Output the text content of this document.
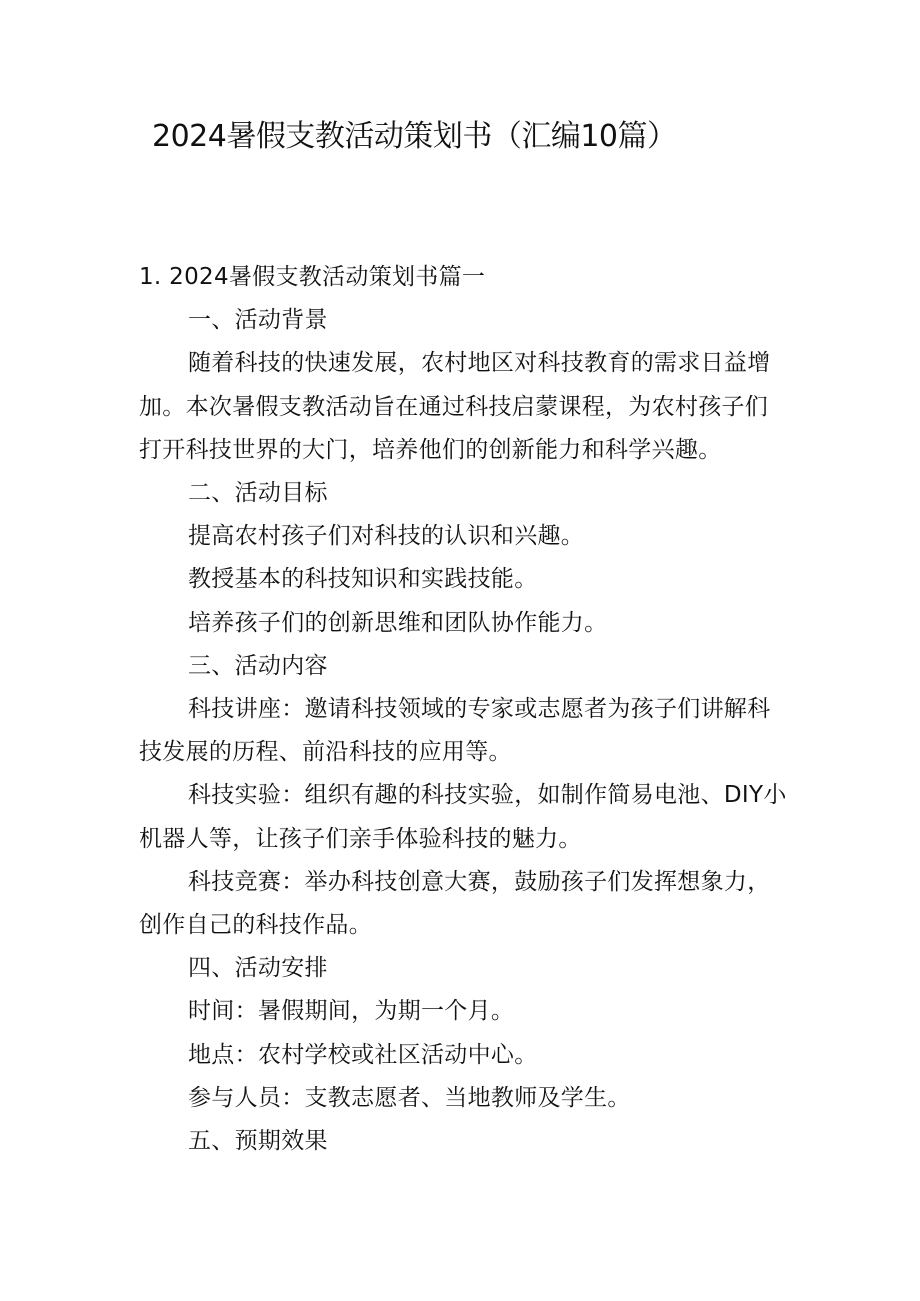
2024暑假支教活动策划书（汇编10篇）

1. 2024暑假支教活动策划书篇一

一、活动背景

随着科技的快速发展，农村地区对科技教育的需求日益增加。本次暑假支教活动旨在通过科技启蒙课程，为农村孩子们打开科技世界的大门，培养他们的创新能力和科学兴趣。

二、活动目标

提高农村孩子们对科技的认识和兴趣。

教授基本的科技知识和实践技能。

培养孩子们的创新思维和团队协作能力。

三、活动内容

科技讲座：邀请科技领域的专家或志愿者为孩子们讲解科技发展的历程、前沿科技的应用等。

科技实验：组织有趣的科技实验，如制作简易电池、DIY小机器人等，让孩子们亲手体验科技的魅力。

科技竞赛：举办科技创意大赛，鼓励孩子们发挥想象力，创作自己的科技作品。

四、活动安排

时间：暑假期间，为期一个月。

地点：农村学校或社区活动中心。

参与人员：支教志愿者、当地教师及学生。

五、预期效果
